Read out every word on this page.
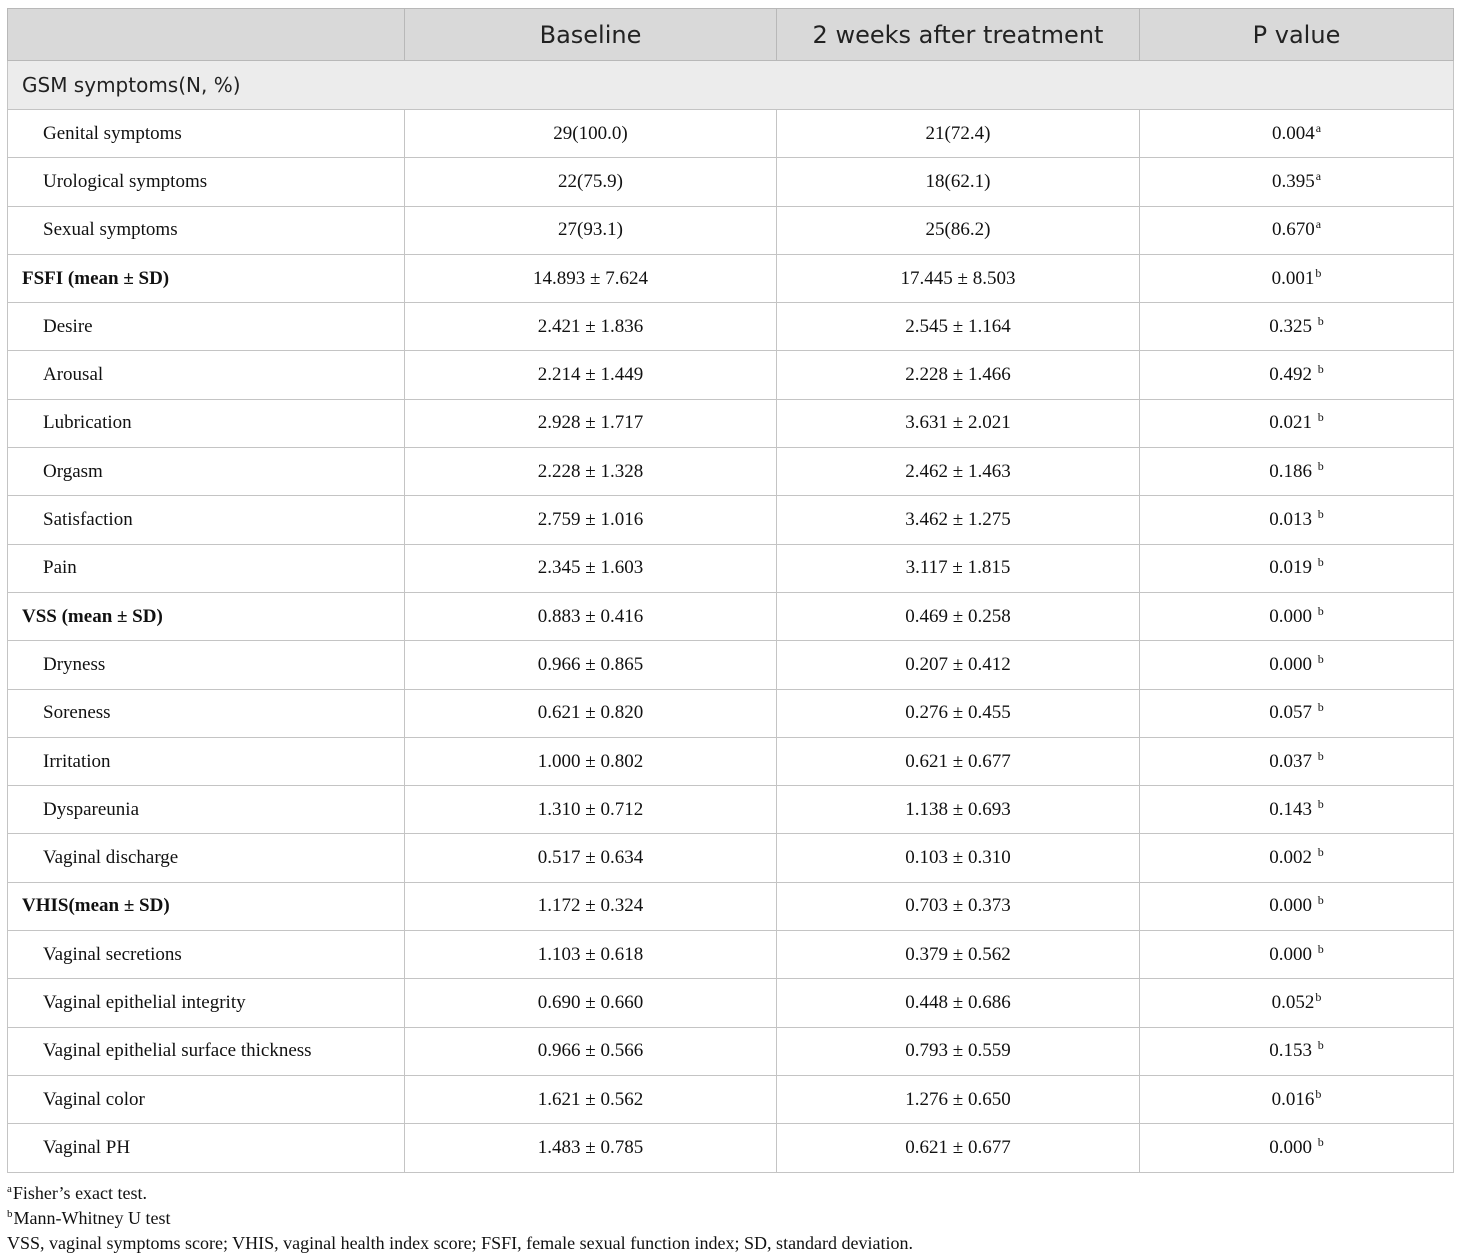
	Baseline	2 weeks after treatment	P value
GSM symptoms(N, %)			
Genital symptoms	29(100.0)	21(72.4)	0.004$^a$
Urological symptoms	22(75.9)	18(62.1)	0.395$^a$
Sexual symptoms	27(93.1)	25(86.2)	0.670$^a$
FSFI (mean ± SD)	14.893 ± 7.624	17.445 ± 8.503	0.001$^b$
Desire	2.421 ± 1.836	2.545 ± 1.164	0.325 $^b$
Arousal	2.214 ± 1.449	2.228 ± 1.466	0.492 $^b$
Lubrication	2.928 ± 1.717	3.631 ± 2.021	0.021 $^b$
Orgasm	2.228 ± 1.328	2.462 ± 1.463	0.186 $^b$
Satisfaction	2.759 ± 1.016	3.462 ± 1.275	0.013 $^b$
Pain	2.345 ± 1.603	3.117 ± 1.815	0.019 $^b$
VSS (mean ± SD)	0.883 ± 0.416	0.469 ± 0.258	0.000 $^b$
Dryness	0.966 ± 0.865	0.207 ± 0.412	0.000 $^b$
Soreness	0.621 ± 0.820	0.276 ± 0.455	0.057 $^b$
Irritation	1.000 ± 0.802	0.621 ± 0.677	0.037 $^b$
Dyspareunia	1.310 ± 0.712	1.138 ± 0.693	0.143 $^b$
Vaginal discharge	0.517 ± 0.634	0.103 ± 0.310	0.002 $^b$
VHIS(mean ± SD)	1.172 ± 0.324	0.703 ± 0.373	0.000 $^b$
Vaginal secretions	1.103 ± 0.618	0.379 ± 0.562	0.000 $^b$
Vaginal epithelial integrity	0.690 ± 0.660	0.448 ± 0.686	0.052$^b$
Vaginal epithelial surface thickness	0.966 ± 0.566	0.793 ± 0.559	0.153 $^b$
Vaginal color	1.621 ± 0.562	1.276 ± 0.650	0.016$^b$
Vaginal PH	1.483 ± 0.785	0.621 ± 0.677	0.000 $^b$
$^a$Fisher’s exact test.
$^b$Mann-Whitney U test
VSS, vaginal symptoms score; VHIS, vaginal health index score; FSFI, female sexual function index; SD, standard deviation.
